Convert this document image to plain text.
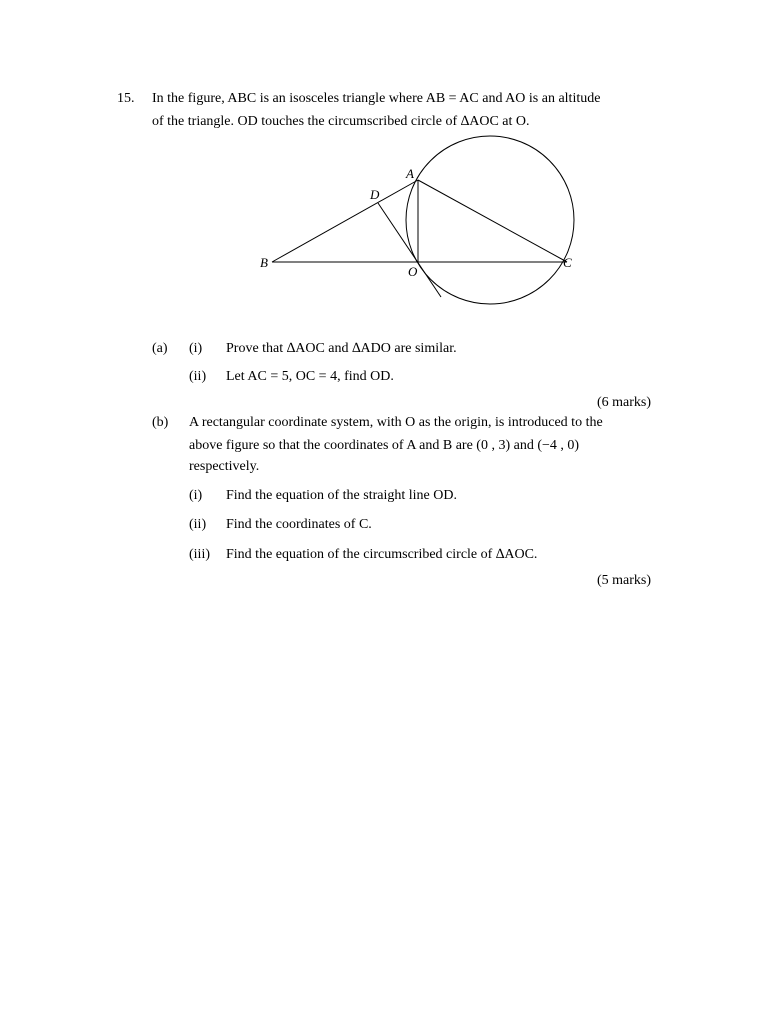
15. In the figure, ABC is an isosceles triangle where AB = AC and AO is an altitude
of the triangle. OD touches the circumscribed circle of ∆AOC at O.
A
B	C
D
O
(a) (i) Prove that ∆AOC and ∆ADO are similar.
(ii) Let AC = 5, OC = 4, find OD.
(6 marks)
(b) A rectangular coordinate system, with O as the origin, is introduced to the
above figure so that the coordinates of A and B are (0 , 3) and (−4 , 0)
respectively.
(i) Find the equation of the straight line OD.
(ii) Find the coordinates of C.
(iii) Find the equation of the circumscribed circle of ∆AOC.
(5 marks)
